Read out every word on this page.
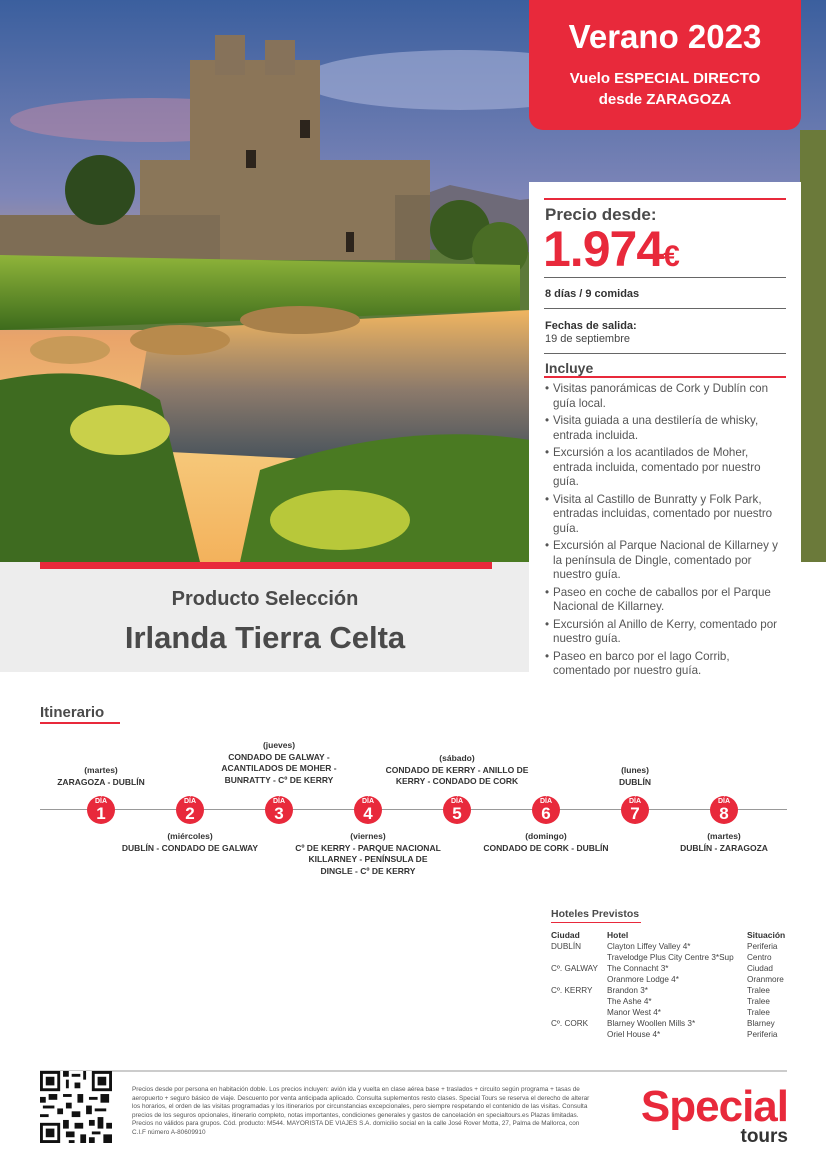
Producto Selección
Irlanda Tierra Celta
Verano 2023
Vuelo ESPECIAL DIRECTO
desde ZARAGOZA
Precio desde:
1.974€
8 días / 9 comidas
Fechas de salida:
19 de septiembre
Incluye
• Visitas panorámicas de Cork y Dublín con guía local.
• Visita guiada a una destilería de whisky, entrada incluida.
• Excursión a los acantilados de Moher, entrada incluida, comentado por nuestro guía.
• Visita al Castillo de Bunratty y Folk Park, entradas incluidas, comentado por nuestro guía.
• Excursión al Parque Nacional de Killarney y la península de Dingle, comentado por nuestro guía.
• Paseo en coche de caballos por el Parque Nacional de Killarney.
• Excursión al Anillo de Kerry, comentado por nuestro guía.
• Paseo en barco por el lago Corrib, comentado por nuestro guía.
Itinerario
DÍA
1
DÍA
2
DÍA
3
DÍA
4
DÍA
5
DÍA
6
DÍA
7
DÍA
8
(martes)
ZARAGOZA - DUBLÍN
(jueves)
CONDADO DE GALWAY - ACANTILADOS DE MOHER - BUNRATTY - Cº DE KERRY
(sábado)
CONDADO DE KERRY - ANILLO DE KERRY - CONDADO DE CORK
(lunes)
DUBLÍN
(miércoles)
DUBLÍN - CONDADO DE GALWAY
(viernes)
Cº DE KERRY - PARQUE NACIONAL KILLARNEY - PENÍNSULA DE DINGLE - Cº DE KERRY
(domingo)
CONDADO DE CORK - DUBLÍN
(martes)
DUBLÍN - ZARAGOZA
Hoteles Previstos
Ciudad	Hotel	Situación
DUBLÍN	Clayton Liffey Valley 4*	Periferia
	Travelodge Plus City Centre 3*Sup	Centro
Cº. GALWAY	The Connacht 3*	Ciudad
	Oranmore Lodge 4*	Oranmore
Cº. KERRY	Brandon 3*	Tralee
	The Ashe 4*	Tralee
	Manor West 4*	Tralee
Cº. CORK	Blarney Woollen Mills 3*	Blarney
	Oriel House 4*	Periferia
Precios desde por persona en habitación doble. Los precios incluyen: avión ida y vuelta en clase aérea base + traslados + circuito según programa + tasas de aeropuerto + seguro básico de viaje. Descuento por venta anticipada aplicado. Consulta suplementos resto clases. Special Tours se reserva el derecho de alterar los horarios, el orden de las visitas programadas y los itinerarios por circunstancias excepcionales, pero siempre respetando el contenido de las visitas. Consulta precios de los seguros opcionales, itinerario completo, notas importantes, condiciones generales y gastos de cancelación en specialtours.es Plazas limitadas. Precios no válidos para grupos. Cód. producto: M544. MAYORISTA DE VIAJES S.A. domicilio social en la calle José Rover Motta, 27, Palma de Mallorca, con C.I.F número A-80609910
Special
tours
